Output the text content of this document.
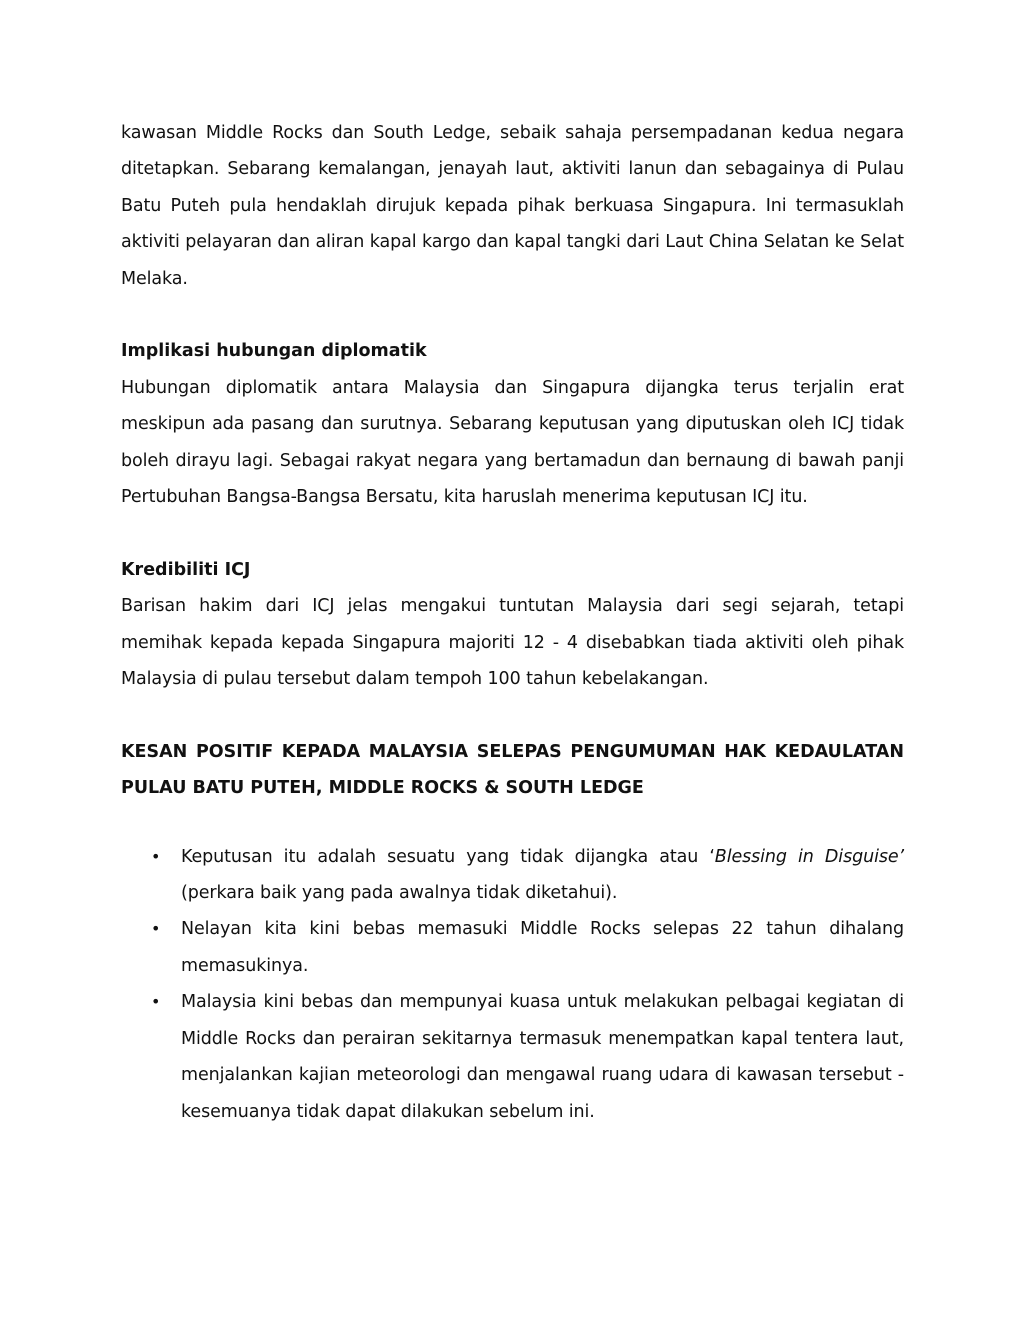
kawasan Middle Rocks dan South Ledge, sebaik sahaja persempadanan kedua negara ditetapkan. Sebarang kemalangan, jenayah laut, aktiviti lanun dan sebagainya di Pulau Batu Puteh pula hendaklah dirujuk kepada pihak berkuasa Singapura. Ini termasuklah aktiviti pelayaran dan aliran kapal kargo dan kapal tangki dari Laut China Selatan ke Selat Melaka.

Implikasi hubungan diplomatik

Hubungan diplomatik antara Malaysia dan Singapura dijangka terus terjalin erat meskipun ada pasang dan surutnya. Sebarang keputusan yang diputuskan oleh ICJ tidak boleh dirayu lagi. Sebagai rakyat negara yang bertamadun dan bernaung di bawah panji Pertubuhan Bangsa-Bangsa Bersatu, kita haruslah menerima keputusan ICJ itu.

Kredibiliti ICJ

Barisan hakim dari ICJ jelas mengakui tuntutan Malaysia dari segi sejarah, tetapi memihak kepada kepada Singapura majoriti 12 - 4 disebabkan tiada aktiviti oleh pihak Malaysia di pulau tersebut dalam tempoh 100 tahun kebelakangan.

KESAN POSITIF KEPADA MALAYSIA SELEPAS PENGUMUMAN HAK KEDAULATAN PULAU BATU PUTEH, MIDDLE ROCKS & SOUTH LEDGE
• Keputusan itu adalah sesuatu yang tidak dijangka atau ‘Blessing in Disguise’ (perkara baik yang pada awalnya tidak diketahui).
• Nelayan kita kini bebas memasuki Middle Rocks selepas 22 tahun dihalang memasukinya.
• Malaysia kini bebas dan mempunyai kuasa untuk melakukan pelbagai kegiatan di Middle Rocks dan perairan sekitarnya termasuk menempatkan kapal tentera laut, menjalankan kajian meteorologi dan mengawal ruang udara di kawasan tersebut - kesemuanya tidak dapat dilakukan sebelum ini.
